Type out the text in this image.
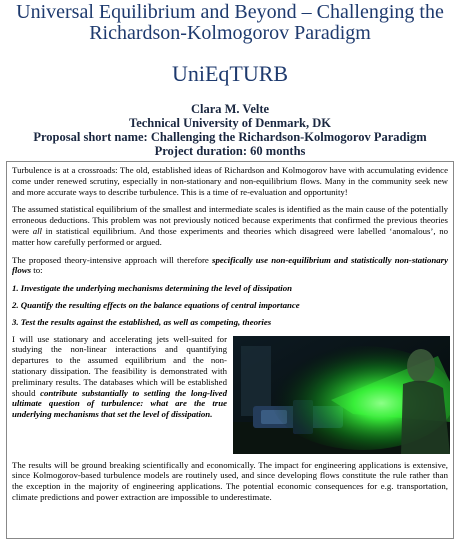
Universal Equilibrium and Beyond – Challenging the
Richardson-Kolmogorov Paradigm
UniEqTURB
Clara M. Velte
Technical University of Denmark, DK
Proposal short name: Challenging the Richardson-Kolmogorov Paradigm
Project duration: 60 months

Turbulence is at a crossroads: The old, established ideas of Richardson and Kolmogorov have with accumulating evidence come under renewed scrutiny, especially in non-stationary and non-equilibrium flows. Many in the community seek new and more accurate ways to describe turbulence. This is a time of re-evaluation and opportunity!

The assumed statistical equilibrium of the smallest and intermediate scales is identified as the main cause of the potentially erroneous deductions. This problem was not previously noticed because experiments that confirmed the previous theories were all in statistical equilibrium. And those experiments and theories which disagreed were labelled ‘anomalous’, no matter how carefully performed or argued.

The proposed theory-intensive approach will therefore specifically use non-equilibrium and statistically non-stationary flows to:

1. Investigate the underlying mechanisms determining the level of dissipation
2. Quantify the resulting effects on the balance equations of central importance
3. Test the results against the established, as well as competing, theories

I will use stationary and accelerating jets well-suited for studying the non-linear interactions and quantifying departures to the assumed equilibrium and the non-stationary dissipation. The feasibility is demonstrated with preliminary results. The databases which will be established should contribute substantially to settling the long-lived ultimate question of turbulence: what are the true underlying mechanisms that set the level of dissipation.

The results will be ground breaking scientifically and economically. The impact for engineering applications is extensive, since Kolmogorov-based turbulence models are routinely used, and since developing flows constitute the rule rather than the exception in the majority of engineering applications. The potential economic consequences for e.g. transportation, climate predictions and power extraction are impossible to underestimate.
